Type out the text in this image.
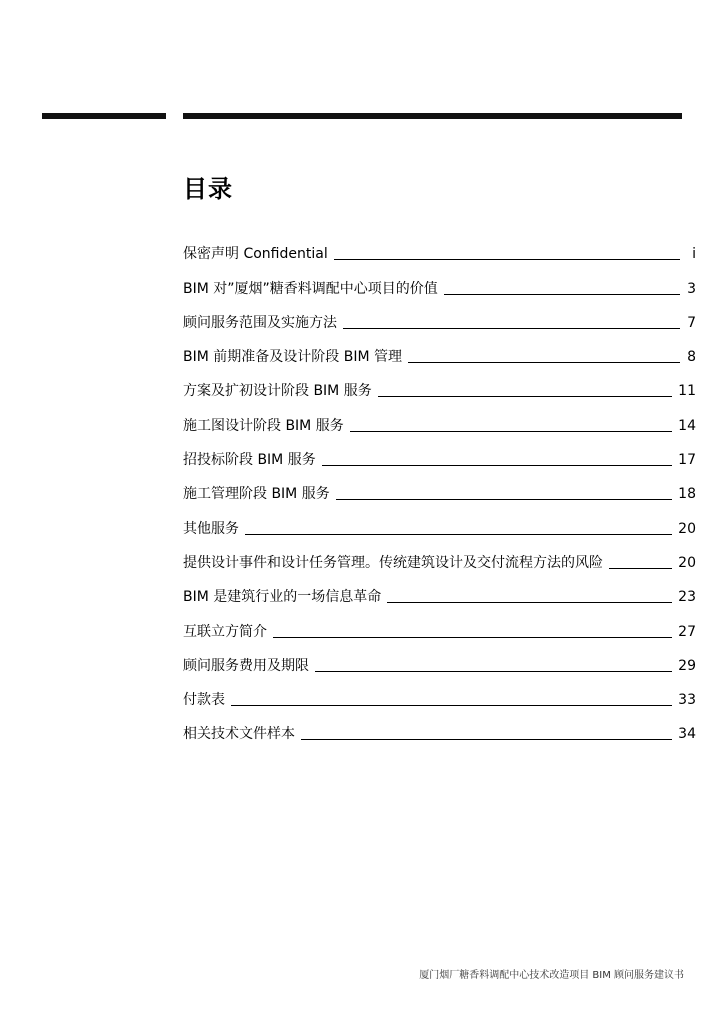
目录
保密声明 Confidential	i
BIM 对”厦烟”糖香料调配中心项目的价值	3
顾问服务范围及实施方法	7
BIM 前期准备及设计阶段 BIM 管理	8
方案及扩初设计阶段 BIM 服务	11
施工图设计阶段 BIM 服务	14
招投标阶段 BIM 服务	17
施工管理阶段 BIM 服务	18
其他服务	20
提供设计事件和设计任务管理。传统建筑设计及交付流程方法的风险	20
BIM 是建筑行业的一场信息革命	23
互联立方简介	27
顾问服务费用及期限	29
付款表	33
相关技术文件样本	34
厦门烟厂糖香料调配中心技术改造项目 BIM 顾问服务建议书
